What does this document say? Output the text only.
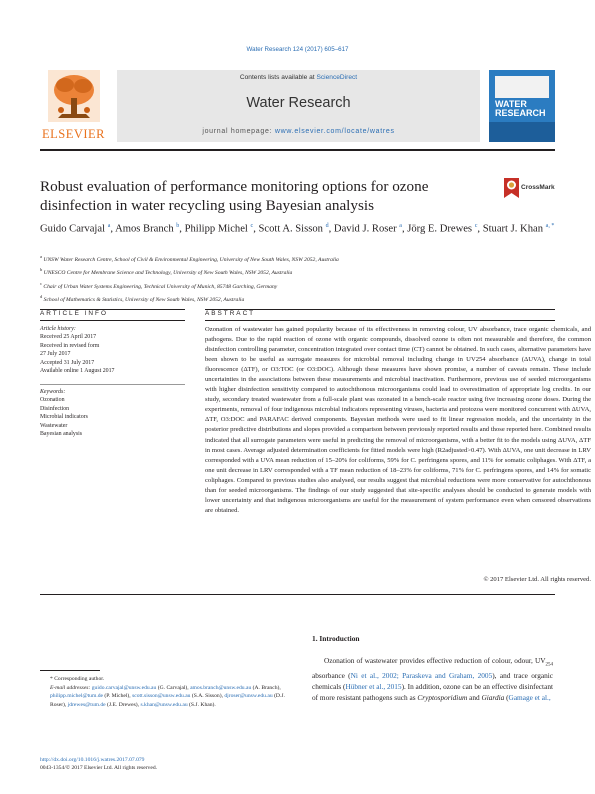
Water Research 124 (2017) 605–617
ELSEVIER
Contents lists available at ScienceDirect
Water Research
journal homepage: www.elsevier.com/locate/watres
WATER
RESEARCH
Robust evaluation of performance monitoring options for ozone disinfection in water recycling using Bayesian analysis
CrossMark
Guido Carvajal $^a$, Amos Branch $^b$, Philipp Michel $^c$, Scott A. Sisson $^d$, David J. Roser $^a$, Jörg E. Drewes $^c$, Stuart J. Khan $^{a, *}$
$^a$ UNSW Water Research Centre, School of Civil & Environmental Engineering, University of New South Wales, NSW 2052, Australia
$^b$ UNESCO Centre for Membrane Science and Technology, University of New South Wales, NSW 2052, Australia
$^c$ Chair of Urban Water Systems Engineering, Technical University of Munich, 85748 Garching, Germany
$^d$ School of Mathematics & Statistics, University of New South Wales, NSW 2052, Australia
ARTICLE INFO	ABSTRACT
Article history:
Received 25 April 2017
Received in revised form
27 July 2017
Accepted 31 July 2017
Available online 1 August 2017
Keywords:
Ozonation
Disinfection
Microbial indicators
Wastewater
Bayesian analysis
Ozonation of wastewater has gained popularity because of its effectiveness in removing colour, UV absorbance, trace organic chemicals, and pathogens. Due to the rapid reaction of ozone with organic compounds, dissolved ozone is often not measurable and therefore, the common disinfection controlling parameter, concentration integrated over contact time (CT) cannot be obtained. In such cases, alternative parameters have been shown to be useful as surrogate measures for microbial removal including change in UV254 absorbance (ΔUVA), change in total fluorescence (ΔTF), or O3:TOC (or O3:DOC). Although these measures have shown promise, a number of caveats remain. These include uncertainties in the associations between these measurements and microbial inactivation. Furthermore, previous use of seeded microorganisms with higher disinfection sensitivity compared to autochthonous microorganisms could lead to overestimation of appropriate log credits. In our study, secondary treated wastewater from a full-scale plant was ozonated in a bench-scale reactor using five increasing ozone doses. During the experiments, removal of four indigenous microbial indicators representing viruses, bacteria and protozoa were monitored concurrent with ΔUVA, ΔTF, O3:DOC and PARAFAC derived components. Bayesian methods were used to fit linear regression models, and the uncertainty in the posterior predictive distributions and slopes provided a comparison between previously reported results and those reported here. Combined results indicated that all surrogate parameters were useful in predicting the removal of microorganisms, with a better fit to the models using ΔUVA, ΔTF in most cases. Average adjusted determination coefficients for fitted models were high (R2adjusted>0.47). With ΔUVA, one unit decrease in LRV corresponded with a UVA mean reduction of 15–20% for coliforms, 59% for C. perfringens spores, and 11% for somatic coliphages. With ΔTF, a one unit decrease in LRV corresponded with a TF mean reduction of 18–23% for coliforms, 71% for C. perfringens spores, and 14% for somatic coliphages. Compared to previous studies also analysed, our results suggest that microbial reductions were more conservative for autochthonous than for seeded microorganisms. The findings of our study suggested that site-specific analyses should be conducted to generate models with lower uncertainty and that indigenous microorganisms are useful for the measurement of system performance even when censored observations are obtained.
© 2017 Elsevier Ltd. All rights reserved.
1. Introduction
Ozonation of wastewater provides effective reduction of colour, odour, $UV_{254}$ absorbance (Ni et al., 2002; Paraskeva and Graham, 2005), and trace organic chemicals (Hübner et al., 2015). In addition, ozone can be an effective disinfectant of more resistant pathogens such as Cryptosporidium and Giardia (Gamage et al.,
* Corresponding author.
E-mail addresses: guido.carvajal@unsw.edu.au (G. Carvajal), amos.branch@unsw.edu.au (A. Branch), philipp.michel@tum.de (P. Michel), scott.sisson@unsw.edu.au (S.A. Sisson), djroser@unsw.edu.au (D.J. Roser), jdrewes@tum.de (J.E. Drewes), s.khan@unsw.edu.au (S.J. Khan).
http://dx.doi.org/10.1016/j.watres.2017.07.079
0043-1354/© 2017 Elsevier Ltd. All rights reserved.
